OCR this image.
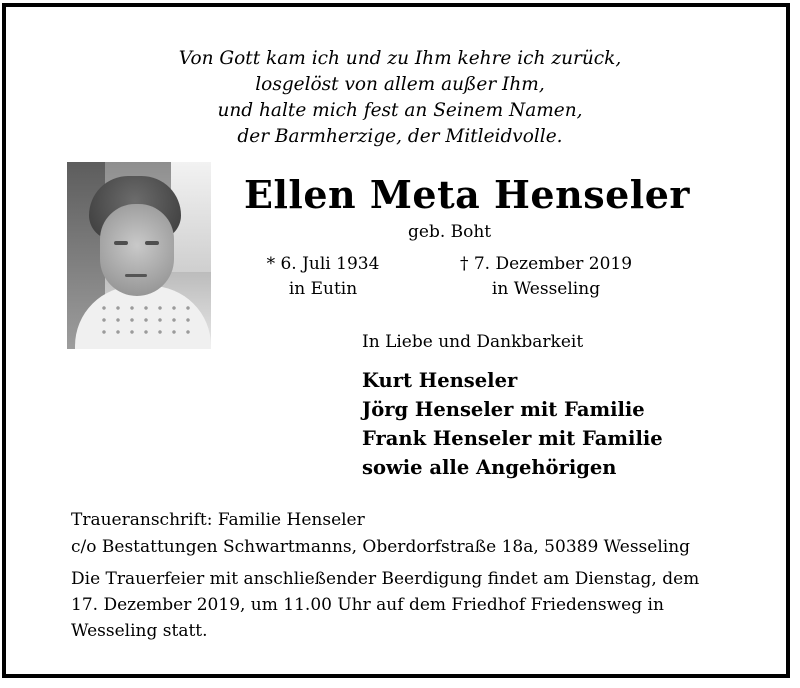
Von Gott kam ich und zu Ihm kehre ich zurück,
losgelöst von allem außer Ihm,
und halte mich fest an Seinem Namen,
der Barmherzige, der Mitleidvolle.
Ellen Meta Henseler
geb. Boht
* 6. Juli 1934
in Eutin
† 7. Dezember 2019
in Wesseling
In Liebe und Dankbarkeit
Kurt Henseler
Jörg Henseler mit Familie
Frank Henseler mit Familie
sowie alle Angehörigen
Traueranschrift: Familie Henseler
c/o Bestattungen Schwartmanns, Oberdorfstraße 18a, 50389 Wesseling
Die Trauerfeier mit anschließender Beerdigung findet am Dienstag, dem
17. Dezember 2019, um 11.00 Uhr auf dem Friedhof Friedensweg in
Wesseling statt.
